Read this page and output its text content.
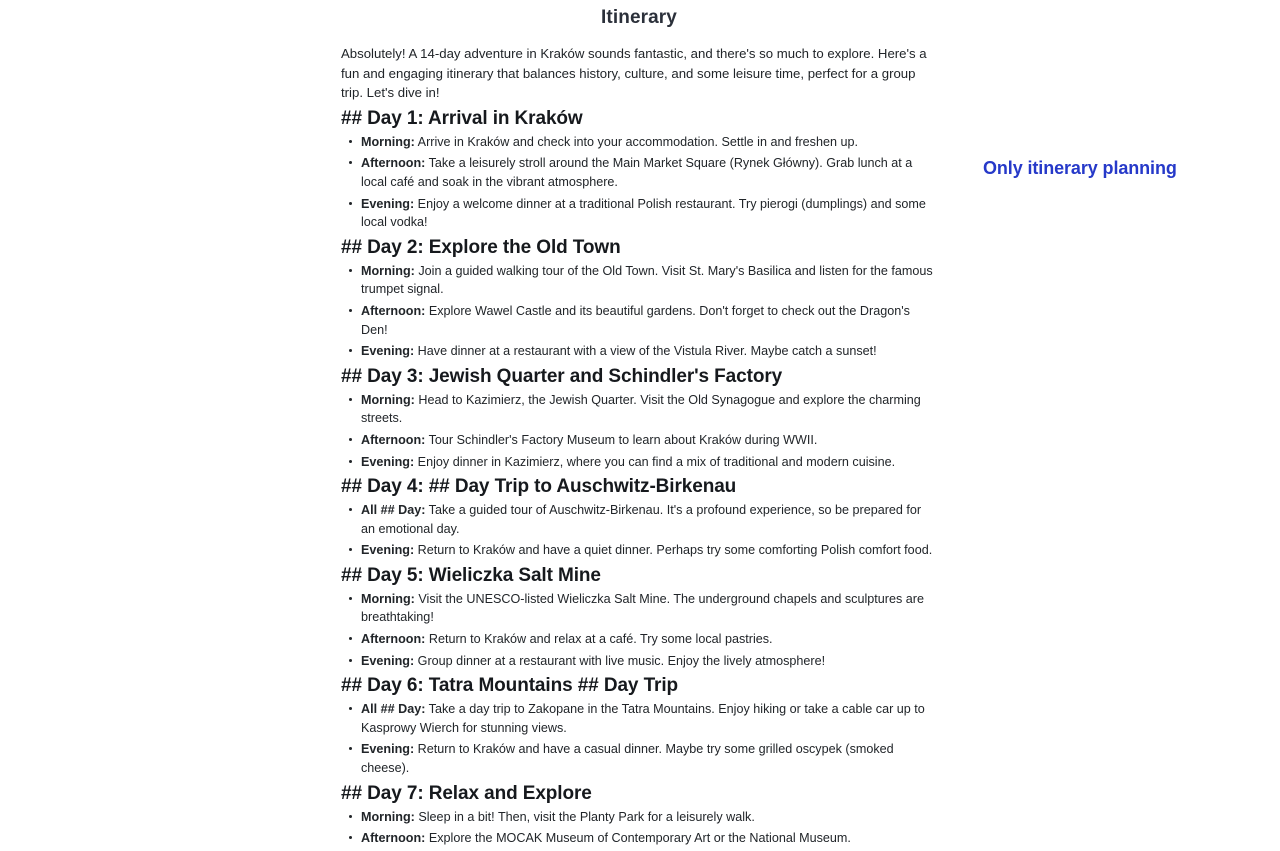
Itinerary

Absolutely! A 14-day adventure in Kraków sounds fantastic, and there's so much to explore. Here's a fun and engaging itinerary that balances history, culture, and some leisure time, perfect for a group trip. Let's dive in!

## Day 1: Arrival in Kraków
Morning: Arrive in Kraków and check into your accommodation. Settle in and freshen up.
Afternoon: Take a leisurely stroll around the Main Market Square (Rynek Główny). Grab lunch at a local café and soak in the vibrant atmosphere.
Evening: Enjoy a welcome dinner at a traditional Polish restaurant. Try pierogi (dumplings) and some local vodka!
## Day 2: Explore the Old Town
Morning: Join a guided walking tour of the Old Town. Visit St. Mary's Basilica and listen for the famous trumpet signal.
Afternoon: Explore Wawel Castle and its beautiful gardens. Don't forget to check out the Dragon's Den!
Evening: Have dinner at a restaurant with a view of the Vistula River. Maybe catch a sunset!
## Day 3: Jewish Quarter and Schindler's Factory
Morning: Head to Kazimierz, the Jewish Quarter. Visit the Old Synagogue and explore the charming streets.
Afternoon: Tour Schindler's Factory Museum to learn about Kraków during WWII.
Evening: Enjoy dinner in Kazimierz, where you can find a mix of traditional and modern cuisine.
## Day 4: ## Day Trip to Auschwitz-Birkenau
All ## Day: Take a guided tour of Auschwitz-Birkenau. It's a profound experience, so be prepared for an emotional day.
Evening: Return to Kraków and have a quiet dinner. Perhaps try some comforting Polish comfort food.
## Day 5: Wieliczka Salt Mine
Morning: Visit the UNESCO-listed Wieliczka Salt Mine. The underground chapels and sculptures are breathtaking!
Afternoon: Return to Kraków and relax at a café. Try some local pastries.
Evening: Group dinner at a restaurant with live music. Enjoy the lively atmosphere!
## Day 6: Tatra Mountains ## Day Trip
All ## Day: Take a day trip to Zakopane in the Tatra Mountains. Enjoy hiking or take a cable car up to Kasprowy Wierch for stunning views.
Evening: Return to Kraków and have a casual dinner. Maybe try some grilled oscypek (smoked cheese).
## Day 7: Relax and Explore
Morning: Sleep in a bit! Then, visit the Planty Park for a leisurely walk.
Afternoon: Explore the MOCAK Museum of Contemporary Art or the National Museum.
Only itinerary planning
